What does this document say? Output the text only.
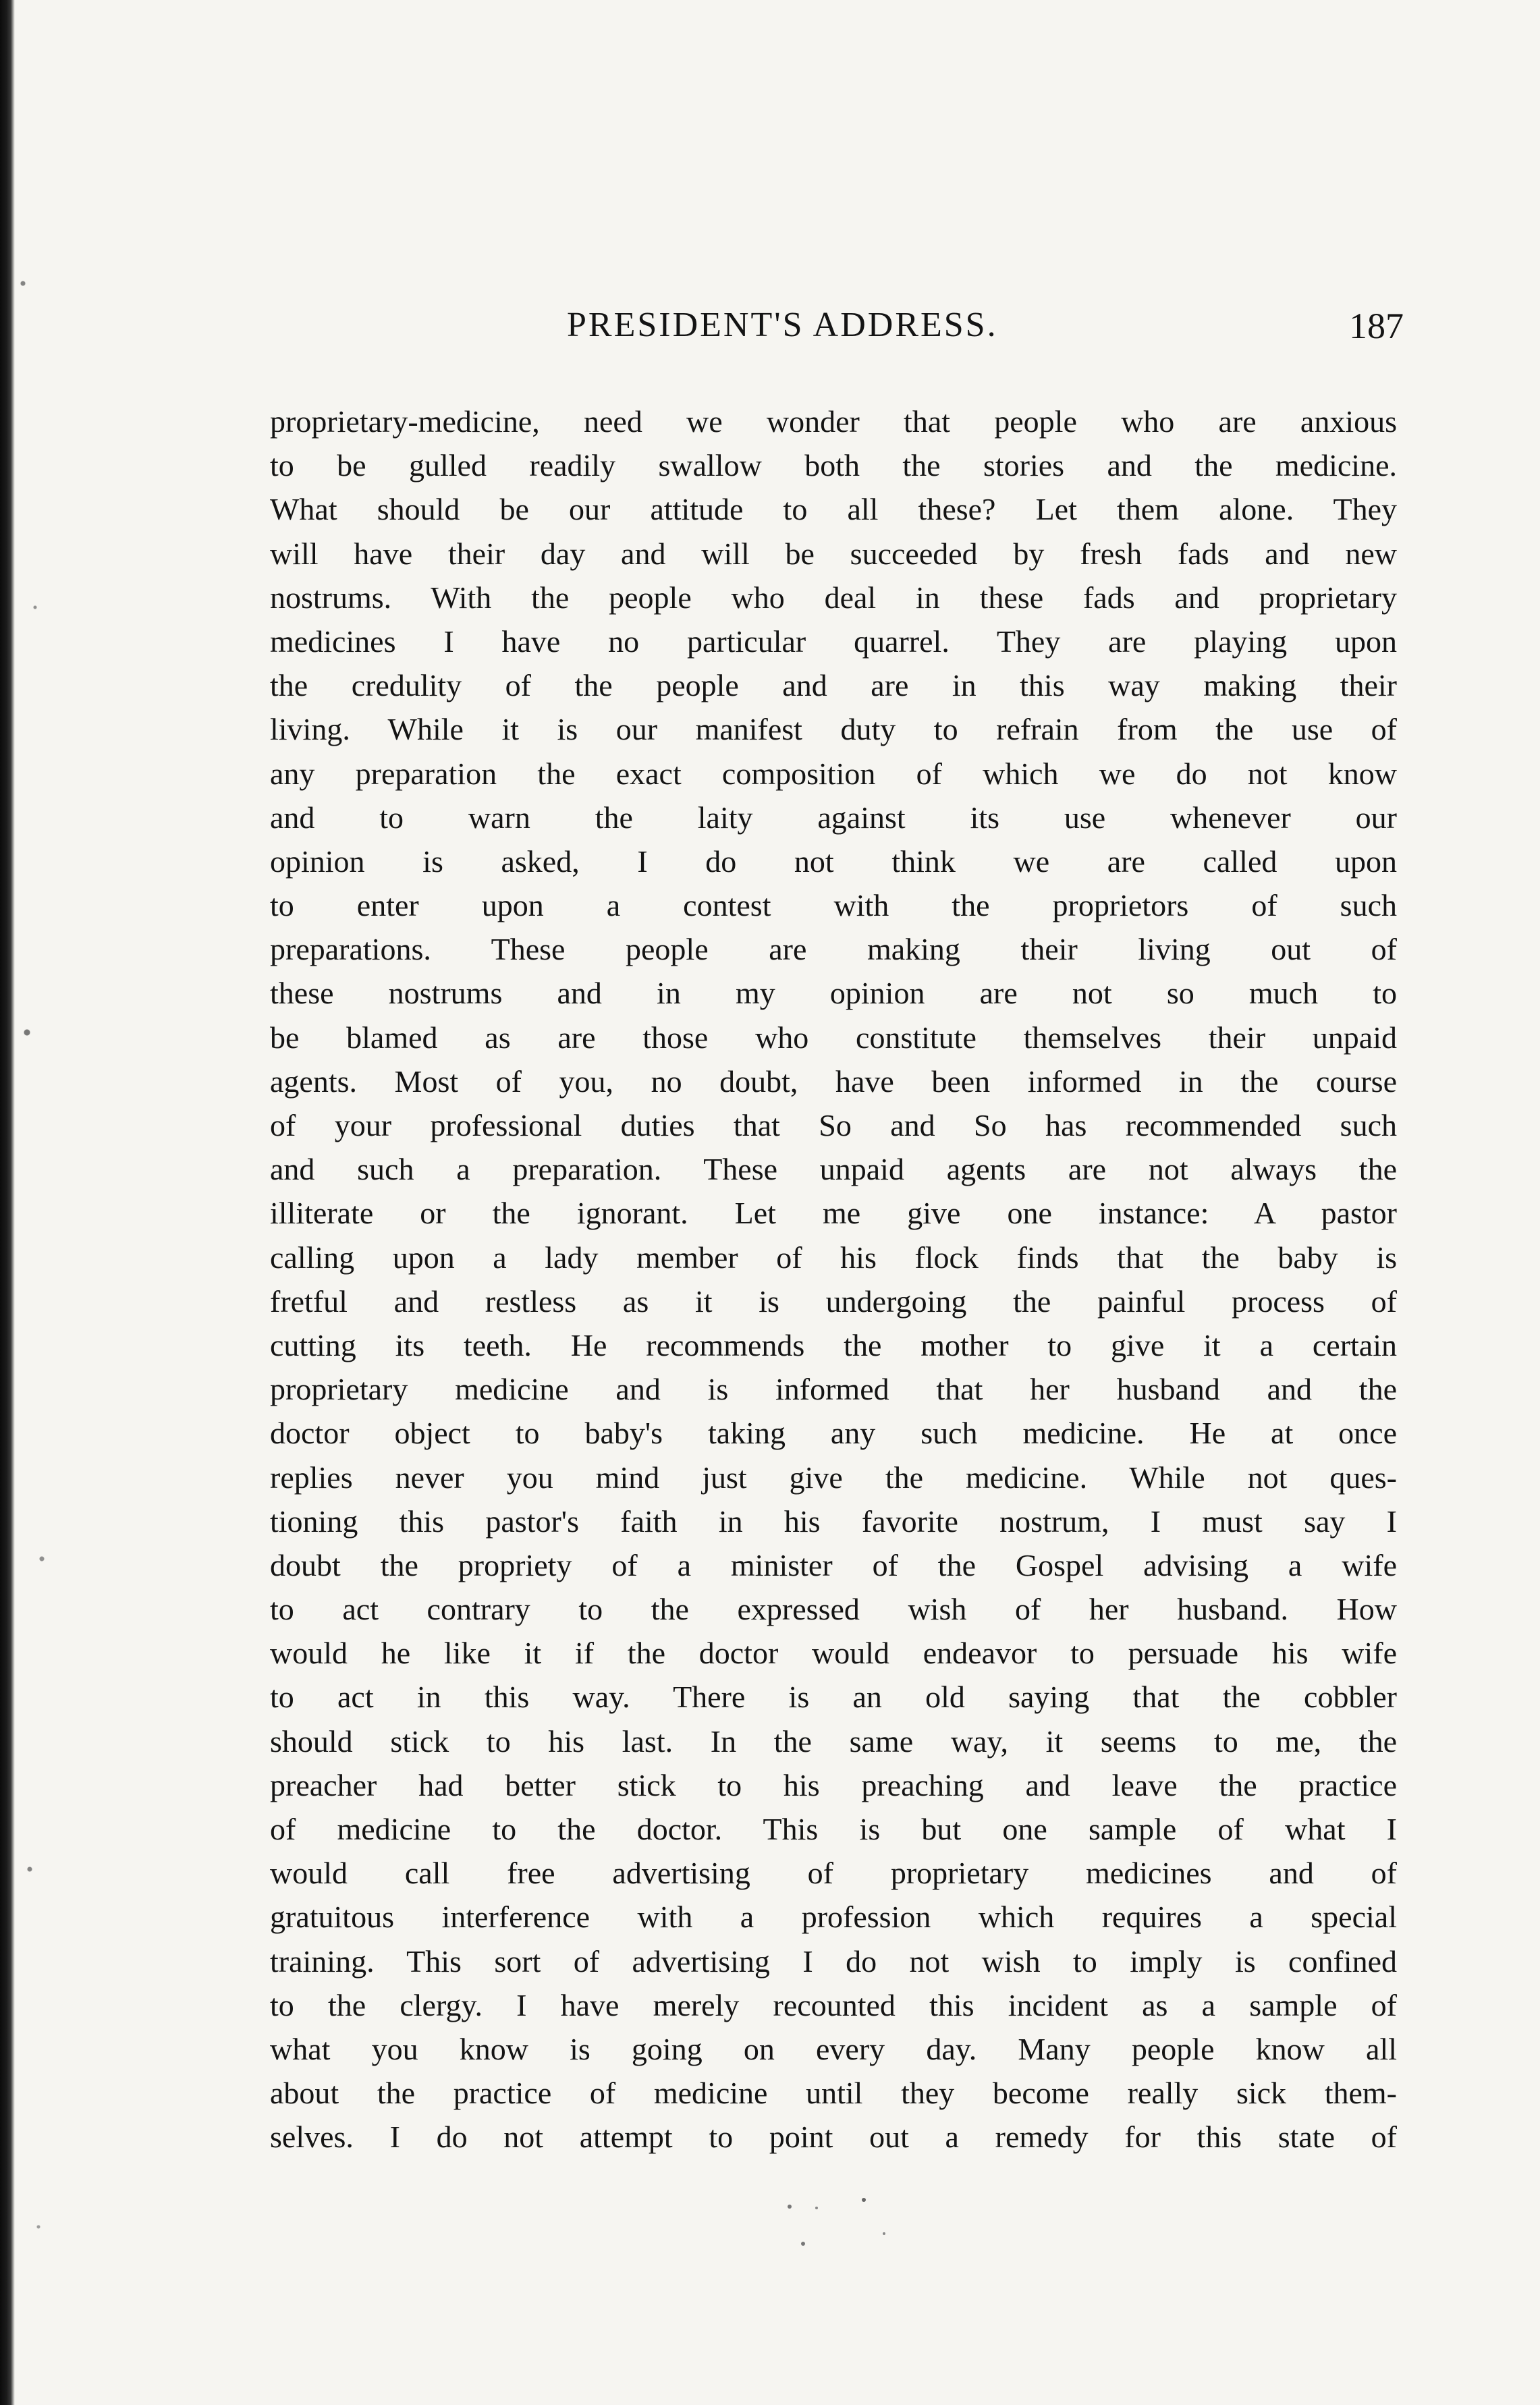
PRESIDENT'S ADDRESS.	187
proprietary-medicine, need we wonder that people who are anxious
to be gulled readily swallow both the stories and the medicine.
What should be our attitude to all these? Let them alone. They
will have their day and will be succeeded by fresh fads and new
nostrums. With the people who deal in these fads and proprietary
medicines I have no particular quarrel. They are playing upon
the credulity of the people and are in this way making their
living. While it is our manifest duty to refrain from the use of
any preparation the exact composition of which we do not know
and to warn the laity against its use whenever our
opinion is asked, I do not think we are called upon
to enter upon a contest with the proprietors of such
preparations. These people are making their living out of
these nostrums and in my opinion are not so much to
be blamed as are those who constitute themselves their unpaid
agents. Most of you, no doubt, have been informed in the course
of your professional duties that So and So has recommended such
and such a preparation. These unpaid agents are not always the
illiterate or the ignorant. Let me give one instance: A pastor
calling upon a lady member of his flock finds that the baby is
fretful and restless as it is undergoing the painful process of
cutting its teeth. He recommends the mother to give it a certain
proprietary medicine and is informed that her husband and the
doctor object to baby's taking any such medicine. He at once
replies never you mind just give the medicine. While not ques-
tioning this pastor's faith in his favorite nostrum, I must say I
doubt the propriety of a minister of the Gospel advising a wife
to act contrary to the expressed wish of her husband. How
would he like it if the doctor would endeavor to persuade his wife
to act in this way. There is an old saying that the cobbler
should stick to his last. In the same way, it seems to me, the
preacher had better stick to his preaching and leave the practice
of medicine to the doctor. This is but one sample of what I
would call free advertising of proprietary medicines and of
gratuitous interference with a profession which requires a special
training. This sort of advertising I do not wish to imply is confined
to the clergy. I have merely recounted this incident as a sample of
what you know is going on every day. Many people know all
about the practice of medicine until they become really sick them-
selves. I do not attempt to point out a remedy for this state of
